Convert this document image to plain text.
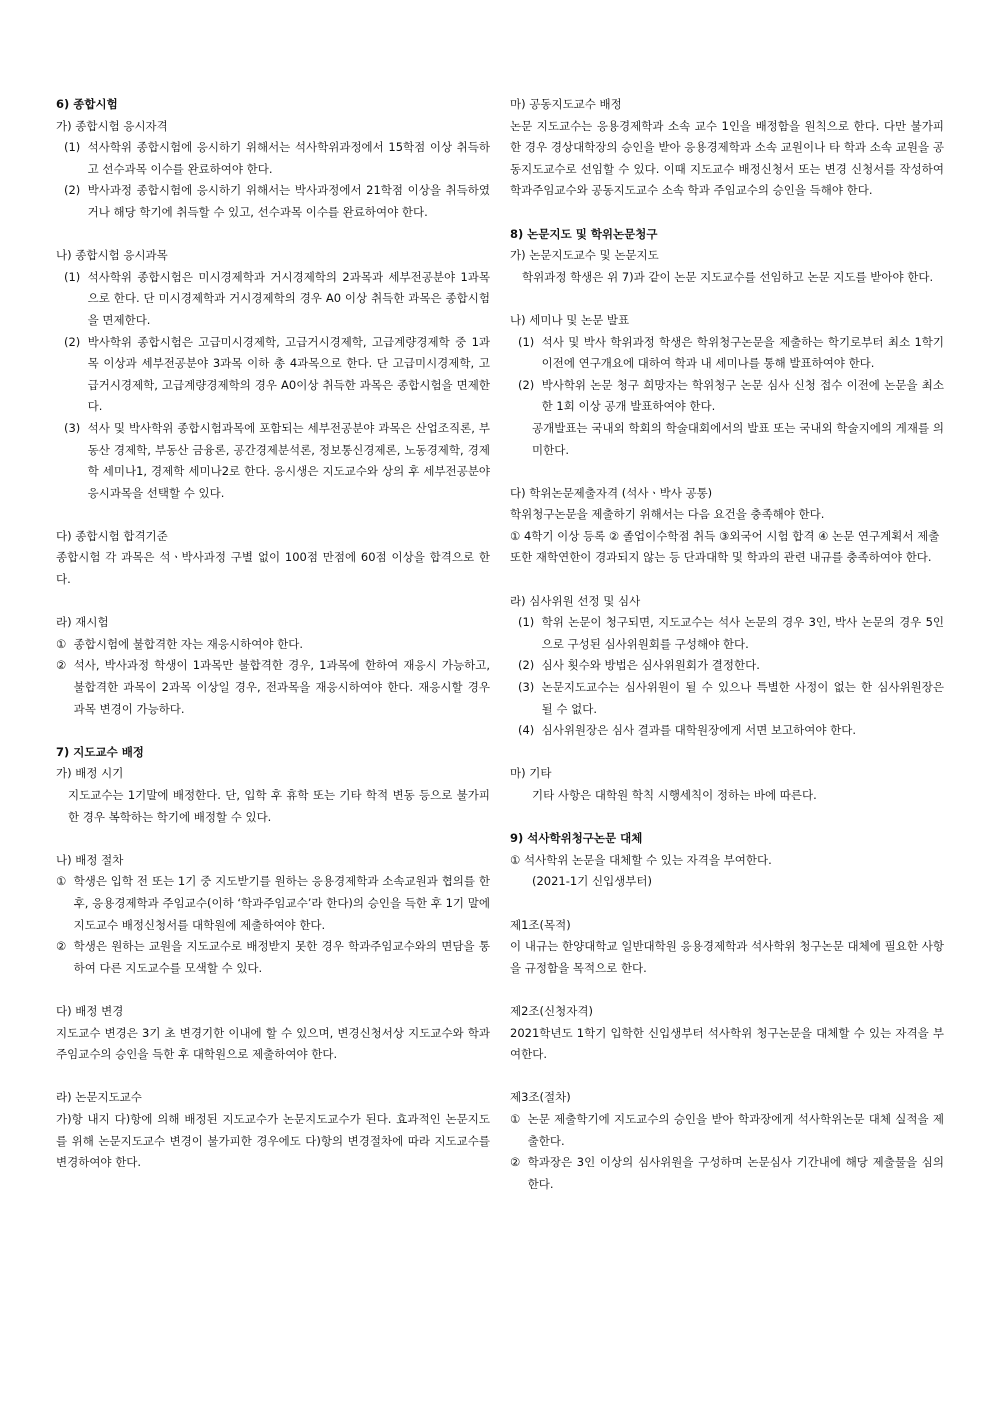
6) 종합시험
가) 종합시험 응시자격
(1) 석사학위 종합시험에 응시하기 위해서는 석사학위과정에서 15학점 이상 취득하고 선수과목 이수를 완료하여야 한다.
(2) 박사과정 종합시험에 응시하기 위해서는 박사과정에서 21학점 이상을 취득하였거나 해당 학기에 취득할 수 있고, 선수과목 이수를 완료하여야 한다.
나) 종합시험 응시과목
(1) 석사학위 종합시험은 미시경제학과 거시경제학의 2과목과 세부전공분야 1과목으로 한다. 단 미시경제학과 거시경제학의 경우 A0 이상 취득한 과목은 종합시험을 면제한다.
(2) 박사학위 종합시험은 고급미시경제학, 고급거시경제학, 고급계량경제학 중 1과목 이상과 세부전공분야 3과목 이하 총 4과목으로 한다. 단 고급미시경제학, 고급거시경제학, 고급계량경제학의 경우 A0이상 취득한 과목은 종합시험을 면제한다.
(3) 석사 및 박사학위 종합시험과목에 포함되는 세부전공분야 과목은 산업조직론, 부동산 경제학, 부동산 금융론, 공간경제분석론, 정보통신경제론, 노동경제학, 경제학 세미나1, 경제학 세미나2로 한다. 응시생은 지도교수와 상의 후 세부전공분야 응시과목을 선택할 수 있다.
다) 종합시험 합격기준

종합시험 각 과목은 석ㆍ박사과정 구별 없이 100점 만점에 60점 이상을 합격으로 한다.

라) 재시험
① 종합시험에 불합격한 자는 재응시하여야 한다.
② 석사, 박사과정 학생이 1과목만 불합격한 경우, 1과목에 한하여 재응시 가능하고, 불합격한 과목이 2과목 이상일 경우, 전과목을 재응시하여야 한다. 재응시할 경우 과목 변경이 가능하다.
7) 지도교수 배정
가) 배정 시기

지도교수는 1기말에 배정한다. 단, 입학 후 휴학 또는 기타 학적 변동 등으로 불가피한 경우 복학하는 학기에 배정할 수 있다.

나) 배정 절차
① 학생은 입학 전 또는 1기 중 지도받기를 원하는 응용경제학과 소속교원과 협의를 한 후, 응용경제학과 주임교수(이하 ‘학과주임교수’라 한다)의 승인을 득한 후 1기 말에 지도교수 배정신청서를 대학원에 제출하여야 한다.
② 학생은 원하는 교원을 지도교수로 배정받지 못한 경우 학과주임교수와의 면담을 통하여 다른 지도교수를 모색할 수 있다.
다) 배정 변경

지도교수 변경은 3기 초 변경기한 이내에 할 수 있으며, 변경신청서상 지도교수와 학과주임교수의 승인을 득한 후 대학원으로 제출하여야 한다.

라) 논문지도교수

가)항 내지 다)항에 의해 배정된 지도교수가 논문지도교수가 된다. 효과적인 논문지도를 위해 논문지도교수 변경이 불가피한 경우에도 다)항의 변경절차에 따라 지도교수를 변경하여야 한다.

마) 공동지도교수 배정

논문 지도교수는 응용경제학과 소속 교수 1인을 배정함을 원칙으로 한다. 다만 불가피한 경우 경상대학장의 승인을 받아 응용경제학과 소속 교원이나 타 학과 소속 교원을 공동지도교수로 선임할 수 있다. 이때 지도교수 배정신청서 또는 변경 신청서를 작성하여 학과주임교수와 공동지도교수 소속 학과 주임교수의 승인을 득해야 한다.

8) 논문지도 및 학위논문청구
가) 논문지도교수 및 논문지도

학위과정 학생은 위 7)과 같이 논문 지도교수를 선임하고 논문 지도를 받아야 한다.

나) 세미나 및 논문 발표
(1) 석사 및 박사 학위과정 학생은 학위청구논문을 제출하는 학기로부터 최소 1학기 이전에 연구개요에 대하여 학과 내 세미나를 통해 발표하여야 한다.
(2) 박사학위 논문 청구 희망자는 학위청구 논문 심사 신청 접수 이전에 논문을 최소한 1회 이상 공개 발표하여야 한다.

공개발표는 국내외 학회의 학술대회에서의 발표 또는 국내외 학술지에의 게재를 의미한다.

다) 학위논문제출자격 (석사ㆍ박사 공통)

학위청구논문을 제출하기 위해서는 다음 요건을 충족해야 한다.

① 4학기 이상 등록 ② 졸업이수학점 취득 ③외국어 시험 합격 ④ 논문 연구계획서 제출

또한 재학연한이 경과되지 않는 등 단과대학 및 학과의 관련 내규를 충족하여야 한다.

라) 심사위원 선정 및 심사
(1) 학위 논문이 청구되면, 지도교수는 석사 논문의 경우 3인, 박사 논문의 경우 5인으로 구성된 심사위원회를 구성해야 한다.
(2) 심사 횟수와 방법은 심사위원회가 결정한다.
(3) 논문지도교수는 심사위원이 될 수 있으나 특별한 사정이 없는 한 심사위원장은 될 수 없다.
(4) 심사위원장은 심사 결과를 대학원장에게 서면 보고하여야 한다.
마) 기타

기타 사항은 대학원 학칙 시행세칙이 정하는 바에 따른다.

9) 석사학위청구논문 대체

① 석사학위 논문을 대체할 수 있는 자격을 부여한다.

(2021-1기 신입생부터)

제1조(목적)

이 내규는 한양대학교 일반대학원 응용경제학과 석사학위 청구논문 대체에 필요한 사항을 규정함을 목적으로 한다.

제2조(신청자격)

2021학년도 1학기 입학한 신입생부터 석사학위 청구논문을 대체할 수 있는 자격을 부여한다.

제3조(절차)
① 논문 제출학기에 지도교수의 승인을 받아 학과장에게 석사학위논문 대체 실적을 제출한다.
② 학과장은 3인 이상의 심사위원을 구성하며 논문심사 기간내에 해당 제출물을 심의한다.
